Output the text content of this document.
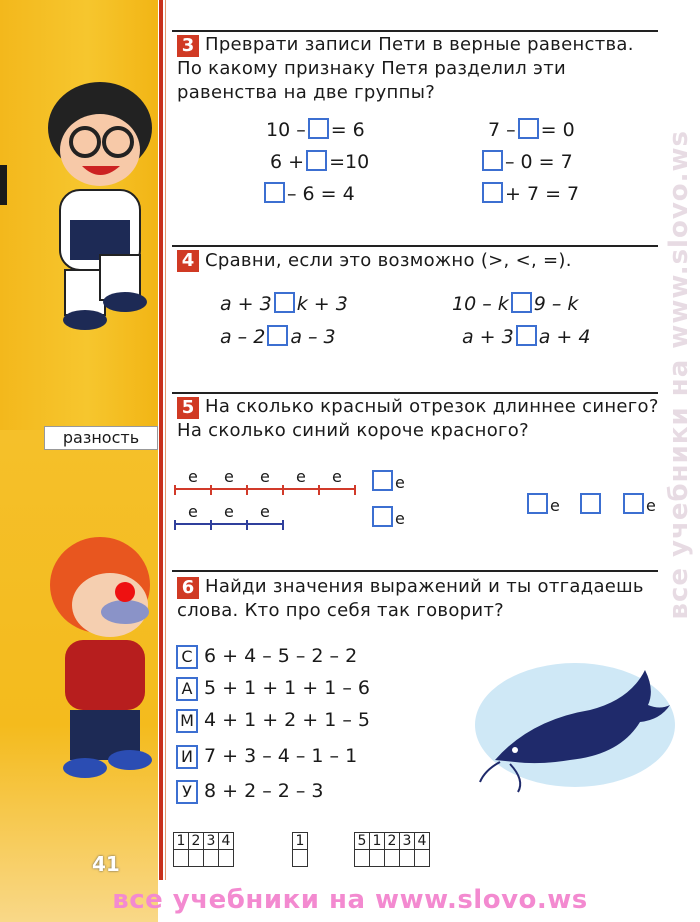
разность
41
3 Преврати записи Пети в верные равенства. По какому признаку Петя разделил эти равенства на две группы?
10 – = 6
6 + =10
– 6 = 4
7 – = 0
– 0 = 7
+ 7 = 7
4 Сравни, если это возможно (>, <, =).
a + 3 k + 3	10 – k 9 – k
a – 2 a – 3	a + 3 a + 4
5 На сколько красный отрезок длиннее синего? На сколько синий короче красного?
е
е
е	е
6 Найди значения выражений и ты отгадаешь слова. Кто про себя так говорит?
С 6 + 4 – 5 – 2 – 2
А 5 + 1 + 1 + 1 – 6
М 4 + 1 + 2 + 1 – 5
И 7 + 3 – 4 – 1 – 1
У 8 + 2 – 2 – 3
1	2	3	4
				1	5	1	2	3	4

все учебники на www.slovo.ws
все учебники на www.slovo.ws
е е е е е
е е е
